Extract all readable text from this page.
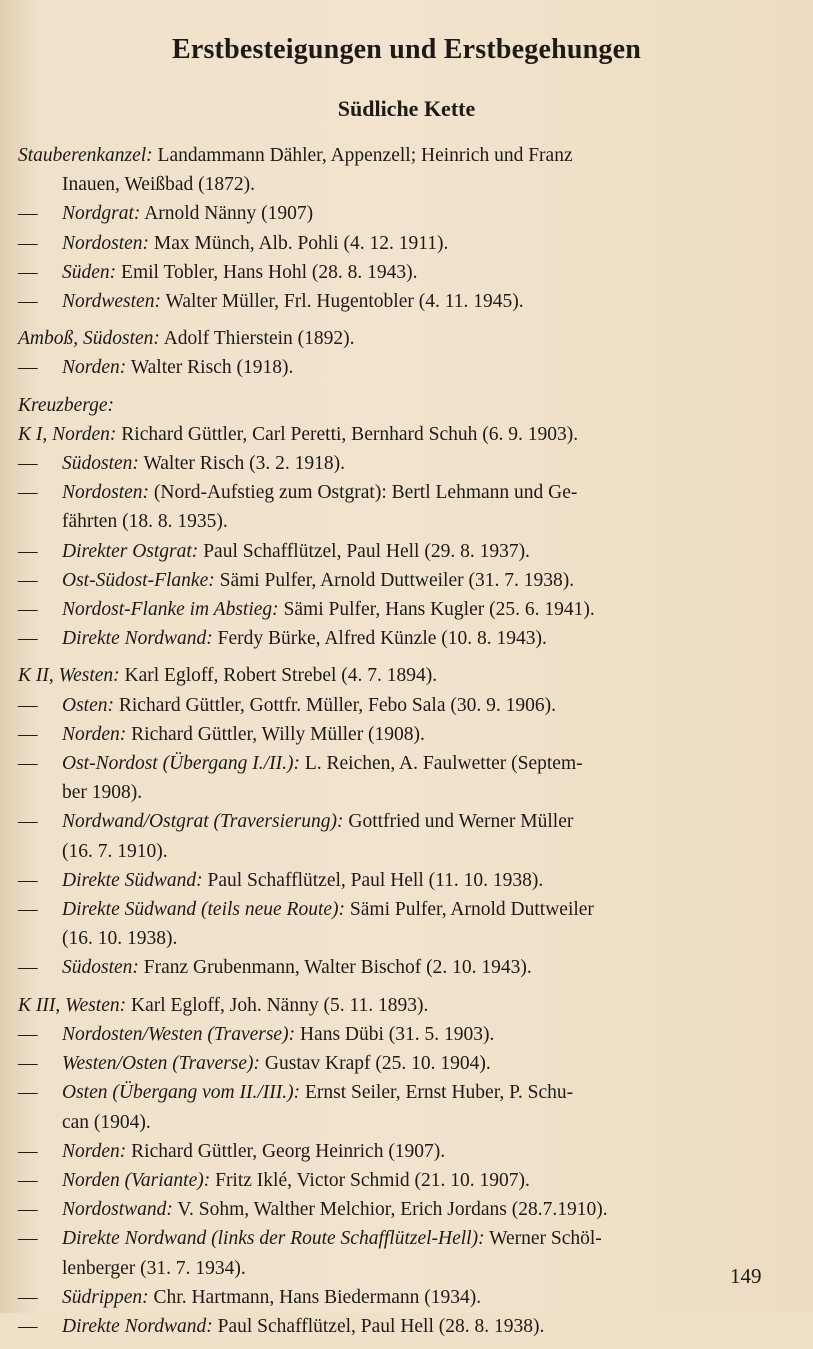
Erstbesteigungen und Erstbegehungen
Südliche Kette
Stauberenkanzel: Landammann Dähler, Appenzell; Heinrich und Franz
Inauen, Weißbad (1872).
— Nordgrat: Arnold Nänny (1907)
— Nordosten: Max Münch, Alb. Pohli (4. 12. 1911).
— Süden: Emil Tobler, Hans Hohl (28. 8. 1943).
— Nordwesten: Walter Müller, Frl. Hugentobler (4. 11. 1945).
Amboß, Südosten: Adolf Thierstein (1892).
— Norden: Walter Risch (1918).
Kreuzberge:
K I, Norden: Richard Güttler, Carl Peretti, Bernhard Schuh (6. 9. 1903).
— Südosten: Walter Risch (3. 2. 1918).
— Nordosten: (Nord-Aufstieg zum Ostgrat): Bertl Lehmann und Ge-
fährten (18. 8. 1935).
— Direkter Ostgrat: Paul Schafflützel, Paul Hell (29. 8. 1937).
— Ost-Südost-Flanke: Sämi Pulfer, Arnold Duttweiler (31. 7. 1938).
— Nordost-Flanke im Abstieg: Sämi Pulfer, Hans Kugler (25. 6. 1941).
— Direkte Nordwand: Ferdy Bürke, Alfred Künzle (10. 8. 1943).
K II, Westen: Karl Egloff, Robert Strebel (4. 7. 1894).
— Osten: Richard Güttler, Gottfr. Müller, Febo Sala (30. 9. 1906).
— Norden: Richard Güttler, Willy Müller (1908).
— Ost-Nordost (Übergang I./II.): L. Reichen, A. Faulwetter (Septem-
ber 1908).
— Nordwand/Ostgrat (Traversierung): Gottfried und Werner Müller
(16. 7. 1910).
— Direkte Südwand: Paul Schafflützel, Paul Hell (11. 10. 1938).
— Direkte Südwand (teils neue Route): Sämi Pulfer, Arnold Duttweiler
(16. 10. 1938).
— Südosten: Franz Grubenmann, Walter Bischof (2. 10. 1943).
K III, Westen: Karl Egloff, Joh. Nänny (5. 11. 1893).
— Nordosten/Westen (Traverse): Hans Dübi (31. 5. 1903).
— Westen/Osten (Traverse): Gustav Krapf (25. 10. 1904).
— Osten (Übergang vom II./III.): Ernst Seiler, Ernst Huber, P. Schu-
can (1904).
— Norden: Richard Güttler, Georg Heinrich (1907).
— Norden (Variante): Fritz Iklé, Victor Schmid (21. 10. 1907).
— Nordostwand: V. Sohm, Walther Melchior, Erich Jordans (28.7.1910).
— Direkte Nordwand (links der Route Schafflützel-Hell): Werner Schöl-
lenberger (31. 7. 1934).
— Südrippen: Chr. Hartmann, Hans Biedermann (1934).
— Direkte Nordwand: Paul Schafflützel, Paul Hell (28. 8. 1938).
149
